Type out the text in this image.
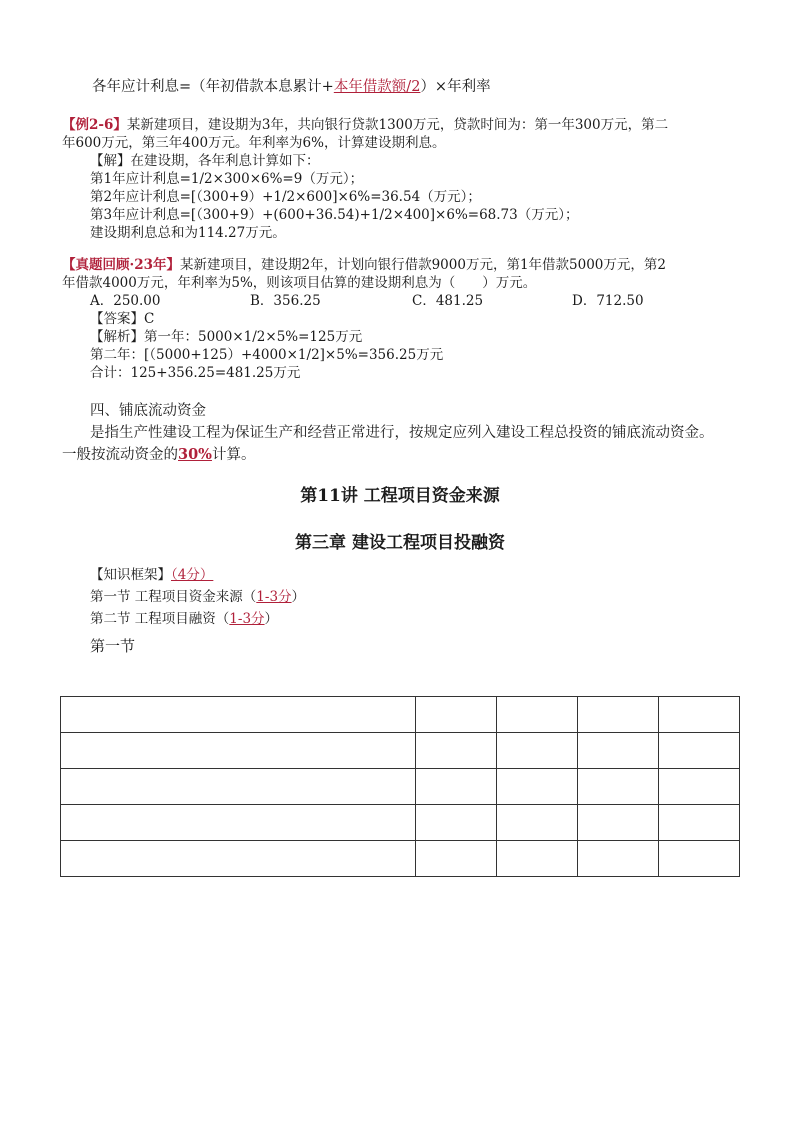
各年应计利息=（年初借款本息累计+本年借款额/2）×年利率
【例2-6】某新建项目，建设期为3年，共向银行贷款1300万元，贷款时间为：第一年300万元，第二
年600万元，第三年400万元。年利率为6%，计算建设期利息。
【解】在建设期，各年利息计算如下：
第1年应计利息=1/2×300×6%=9（万元）；
第2年应计利息=[（300+9）+1/2×600]×6%=36.54（万元）；
第3年应计利息=[（300+9）+(600+36.54)+1/2×400]×6%=68.73（万元）；
建设期利息总和为114.27万元。
【真题回顾·23年】某新建项目，建设期2年，计划向银行借款9000万元，第1年借款5000万元，第2
年借款4000万元，年利率为5%，则该项目估算的建设期利息为（　　）万元。
A．250.00	B．356.25	C．481.25	D．712.50
【答案】C
【解析】第一年：5000×1/2×5%=125万元
第二年：[（5000+125）+4000×1/2]×5%=356.25万元
合计：125+356.25=481.25万元
四、铺底流动资金
是指生产性建设工程为保证生产和经营正常进行，按规定应列入建设工程总投资的铺底流动资金。
一般按流动资金的30%计算。
第11讲 工程项目资金来源
第三章 建设工程项目投融资
【知识框架】（4分）
第一节 工程项目资金来源（1-3分）
第二节 工程项目融资（1-3分）
第一节
